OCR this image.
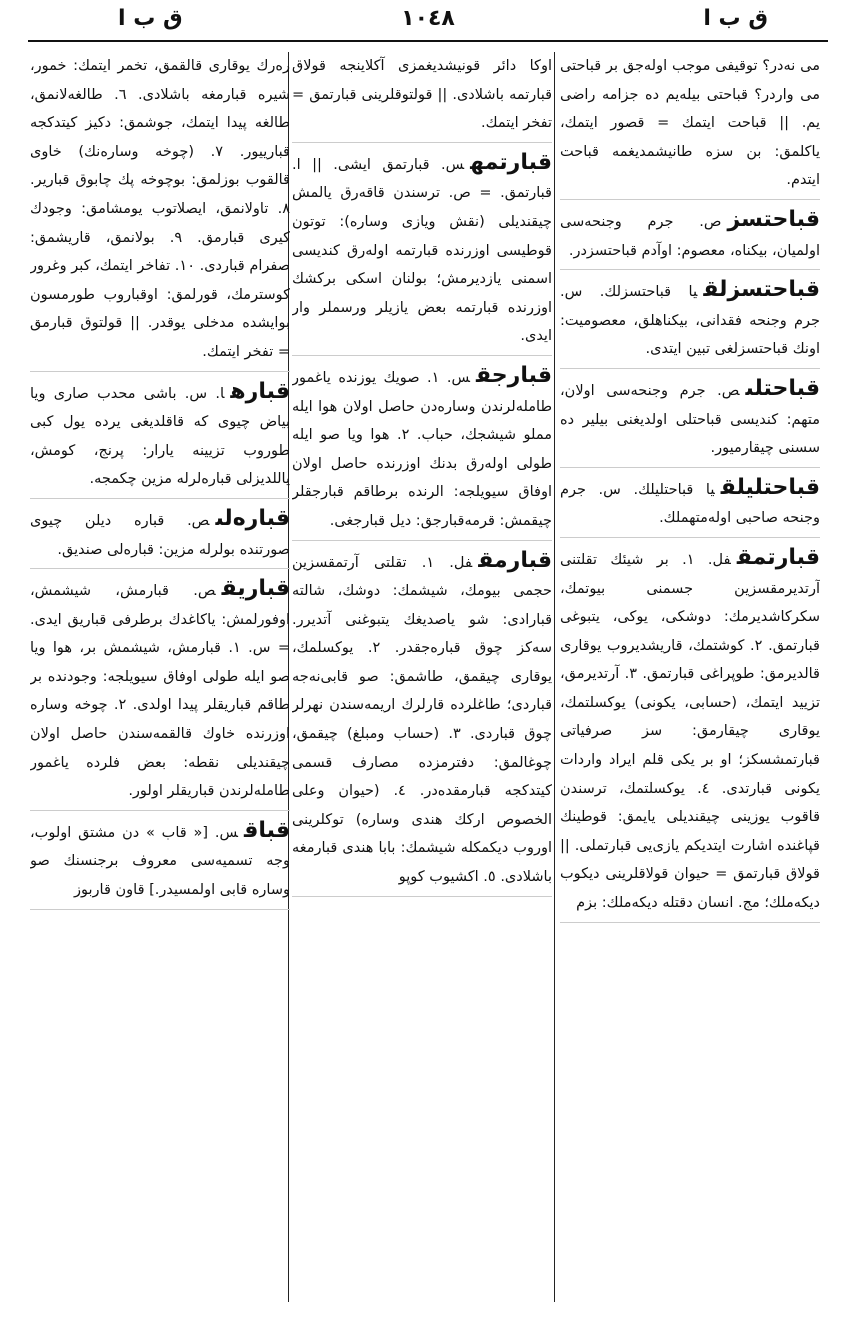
ق ب ا	١٠٤٨	ق ب ا
مى نه‌در؟ توقيفى موجب اوله‌جق بر قباحتى مى واردر؟ قباحتى بيله‌يم ده جزامه راضى يم. || قباحت ايتمك = قصور ايتمك، ياكلمق: بن سزه طانيشمدیغمه قباحت ايتدم.
قباحتسزص. جرم وجنحه‌سى اولميان، بيكناه، معصوم: اوآدم قباحتسزدر.
قباحتسزلقيا قباحتسزلك. س. جرم وجنحه فقدانى، بيكناهلق، معصوميت: اونك قباحتسزلغى تبين ايتدى.
قباحتلىص. جرم وجنحه‌سى اولان، متهم: كنديسى قباحتلى اولديغنى بيلير ده سسنى چيقارميور.
قباحتليلقيا قباحتليلك. س. جرم وجنحه صاحبى اوله‌متهملك.
قبارتمقفل. ١. بر شيئك تقلتنى آرتديرمقسزين جسمنى بيوتمك، سكركاشديرمك: دوشكى، يوكى، يتبوغى قبارتمق. ٢. كوشتمك، قاريشديروب يوقارى قالديرمق: طوپراغى قبارتمق. ٣. آرتديرمق، تزييد ايتمك، (حسابى، يكونى) يوكسلتمك، يوقارى چيقارمق: سز صرفياتى قبارتمشسكز؛ او بر يكى قلم ايراد واردات يكونى قبارتدى. ٤. يوكسلتمك، ترسندن قاقوب يوزينى چيقنديلى يايمق: قوطينك قپاغنده اشارت ايتديكم يازى‌يى قبارتملى. || قولاق قبارتمق = حيوان قولاقلرينى ديكوب ديكه‌ملك؛ مج. انسان دقتله ديكه‌ملك: بزم
اوكا دائر قونيشديغمزى آكلاينجه قولاق قبارتمه باشلادى. || قولتوقلرينى قبارتمق = تفخر ايتمك.
قبارتمهس. قبارتمق ايشى. || ا. قبارتمق. = ص. ترسندن قاقه‌رق يالمش چيقنديلى (نقش ويازى وساره): توتون قوطيسى اوزرنده قبارتمه اوله‌رق كنديسى اسمنى يازديرمش؛ بولنان اسكى بركشك اوزرنده قبارتمه بعض يازيلر ورسملر وار ايدى.
قبارجقس. ١. صويك يوزنده ياغمور طامله‌لرندن وساره‌دن حاصل اولان هوا ايله مملو شيشجك، حباب. ٢. هوا ويا صو ايله طولى اوله‌رق بدنك اوزرنده حاصل اولان اوفاق سيويلجه: الرنده برطاقم قبارجقلر چيقمش: قرمه‌قبارجق: ديل قبارجغى.
قبارمقفل. ١. تقلتى آرتمقسزين حجمى بيومك، شيشمك: دوشك، شالته قبارادى: شو ياصديغك يتبوغنى آتديرر. سه‌كز چوق قباره‌جقدر. ٢. يوكسلمك، يوقارى چيقمق، طاشمق: صو قابى‌نه‌جه قباردى؛ طاغلرده قارلرك اريمه‌سندن نهرلر چوق قباردى. ٣. (حساب ومبلغ) چيقمق، چوغالمق: دفترمزده مصارف قسمى كيتدكجه قبارمقده‌در. ٤. (حيوان وعلى الخصوص اركك هندى وساره) توكلرينى اوروب ديكمكله شيشمك: بابا هندى قبارمغه باشلادى. ٥. اكشيوب كوپو
ره‌رك يوقارى قالقمق، تخمر ايتمك: خمور، شيره قبارمغه باشلادى. ٦. طالغه‌لانمق، طالغه پيدا ايتمك، جوشمق: دكيز كيتدكجه قبارييور. ٧. (چوخه وساره‌نك) خاوى قالقوب بوزلمق: بوچوخه پك چابوق قبارير. ٨. تاولانمق، ايصلاتوب يومشامق: وجودك كيرى قبارمق. ٩. بولانمق، قاريشمق: صفرام قباردى. ١٠. تفاخر ايتمك، كبر وغرور كوسترمك، قورلمق: اوقباروب طورمسون بوايشده مدخلى يوقدر. || قولتوق قبارمق = تفخر ايتمك.
قبارها. س. باشى محدب صارى ويا بياض چيوى كه قاقلديغى يرده يول كبى طوروب تزيينه يارار: پرنج، كومش، ياللديزلى قباره‌لرله مزين چكمجه.
قباره‌لىص. قباره ديلن چيوى صورتنده بولرله مزين: قباره‌لى صنديق.
قباريقص. قبارمش، شيشمش، اوفورلمش: ياكاغدك برطرفى قباريق ايدى. = س. ١. قبارمش، شيشمش بر، هوا ويا صو ايله طولى اوفاق سيويلجه: وجودنده بر طاقم قباريقلر پيدا اولدى. ٢. چوخه وساره اوزرنده خاوك قالقمه‌سندن حاصل اولان چيقنديلى نقطه: بعض فلرده ياغمور طامله‌لرندن قباريقلر اولور.
قباقس. [« قاب » دن مشتق اولوب، وجه تسميه‌سى معروف برجنسنك صو وساره قابى اولمسيدر.] قاون قاربوز
